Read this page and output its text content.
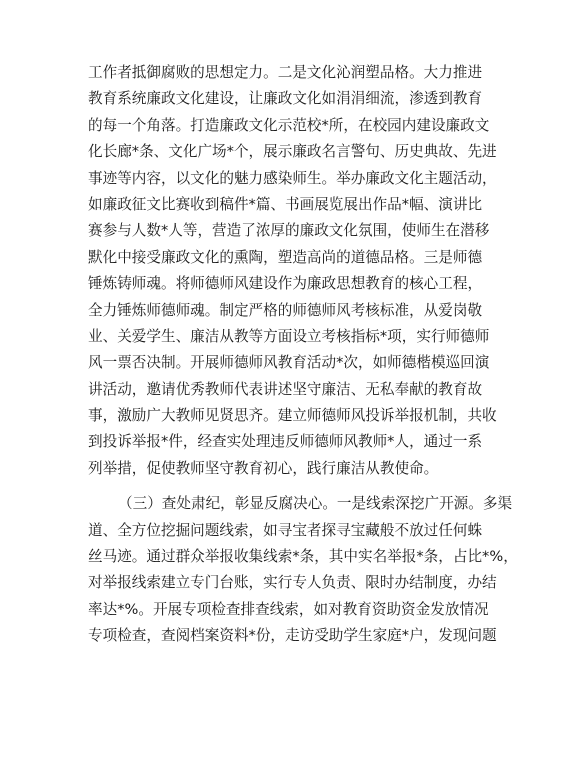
工作者抵御腐败的思想定力。二是文化沁润塑品格。大力推进
教育系统廉政文化建设，让廉政文化如涓涓细流，渗透到教育
的每一个角落。打造廉政文化示范校*所，在校园内建设廉政文
化长廊*条、文化广场*个，展示廉政名言警句、历史典故、先进
事迹等内容，以文化的魅力感染师生。举办廉政文化主题活动，
如廉政征文比赛收到稿件*篇、书画展览展出作品*幅、演讲比
赛参与人数*人等，营造了浓厚的廉政文化氛围，使师生在潜移
默化中接受廉政文化的熏陶，塑造高尚的道德品格。三是师德
锤炼铸师魂。将师德师风建设作为廉政思想教育的核心工程，
全力锤炼师德师魂。制定严格的师德师风考核标准，从爱岗敬
业、关爱学生、廉洁从教等方面设立考核指标*项，实行师德师
风一票否决制。开展师德师风教育活动*次，如师德楷模巡回演
讲活动，邀请优秀教师代表讲述坚守廉洁、无私奉献的教育故
事，激励广大教师见贤思齐。建立师德师风投诉举报机制，共收
到投诉举报*件，经查实处理违反师德师风教师*人，通过一系
列举措，促使教师坚守教育初心，践行廉洁从教使命。
（三）查处肃纪，彰显反腐决心。一是线索深挖广开源。多渠
道、全方位挖掘问题线索，如寻宝者探寻宝藏般不放过任何蛛
丝马迹。通过群众举报收集线索*条，其中实名举报*条，占比*%，
对举报线索建立专门台账，实行专人负责、限时办结制度，办结
率达*%。开展专项检查排查线索，如对教育资助资金发放情况
专项检查，查阅档案资料*份，走访受助学生家庭*户，发现问题
